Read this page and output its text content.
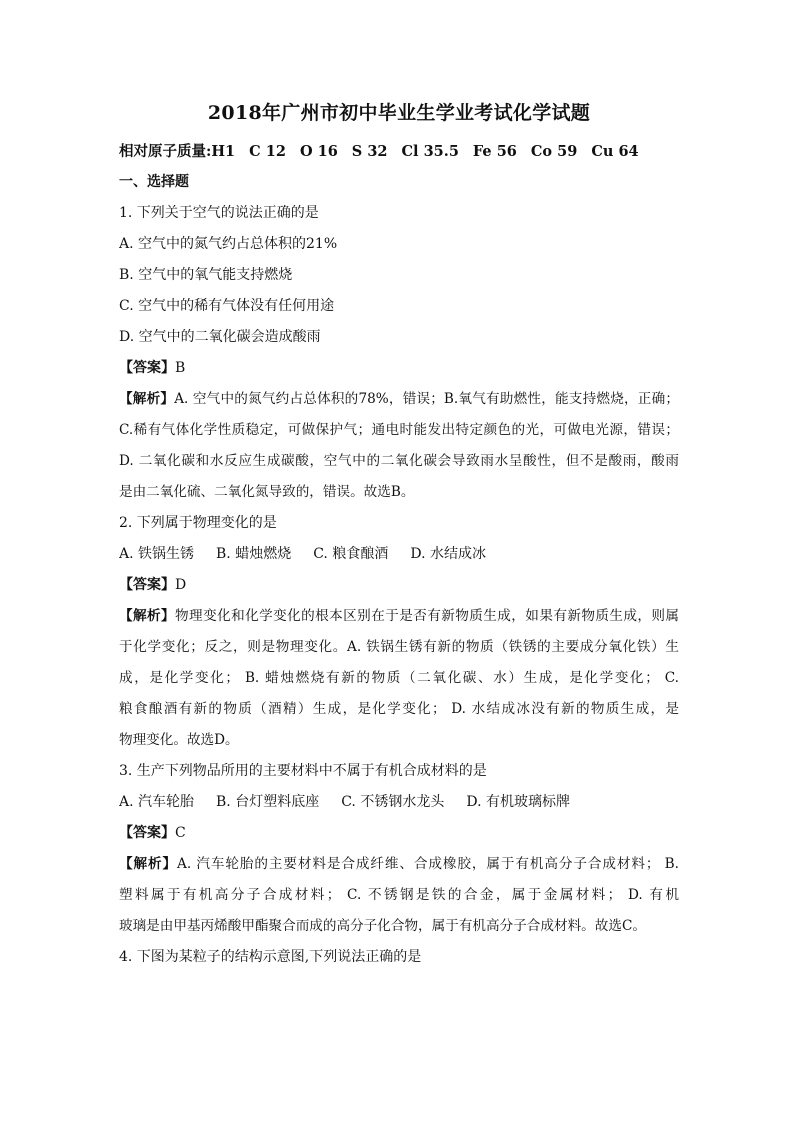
2018年广州市初中毕业生学业考试化学试题
相对原子质量:H1 C 12 O 16 S 32 Cl 35.5 Fe 56 Co 59 Cu 64
一、选择题
1. 下列关于空气的说法正确的是
A. 空气中的氮气约占总体积的21%
B. 空气中的氧气能支持燃烧
C. 空气中的稀有气体没有任何用途
D. 空气中的二氧化碳会造成酸雨
【答案】B
【解析】A. 空气中的氮气约占总体积的78%，错误；B.氧气有助燃性，能支持燃烧，正确；
C.稀有气体化学性质稳定，可做保护气；通电时能发出特定颜色的光，可做电光源，错误；
D. 二氧化碳和水反应生成碳酸，空气中的二氧化碳会导致雨水呈酸性，但不是酸雨，酸雨
是由二氧化硫、二氧化氮导致的，错误。故选B。
2. 下列属于物理变化的是
A. 铁锅生锈 B. 蜡烛燃烧 C. 粮食酿酒 D. 水结成冰
【答案】D
【解析】物理变化和化学变化的根本区别在于是否有新物质生成，如果有新物质生成，则属
于化学变化；反之，则是物理变化。A. 铁锅生锈有新的物质（铁锈的主要成分氧化铁）生
成，是化学变化； B. 蜡烛燃烧有新的物质（二氧化碳、水）生成，是化学变化； C.
粮食酿酒有新的物质（酒精）生成，是化学变化； D. 水结成冰没有新的物质生成，是
物理变化。故选D。
3. 生产下列物品所用的主要材料中不属于有机合成材料的是
A. 汽车轮胎 B. 台灯塑料底座 C. 不锈钢水龙头 D. 有机玻璃标牌
【答案】C
【解析】A. 汽车轮胎的主要材料是合成纤维、合成橡胶，属于有机高分子合成材料； B.
塑料属于有机高分子合成材料； C. 不锈钢是铁的合金，属于金属材料； D. 有机
玻璃是由甲基丙烯酸甲酯聚合而成的高分子化合物，属于有机高分子合成材料。故选C。
4. 下图为某粒子的结构示意图,下列说法正确的是
